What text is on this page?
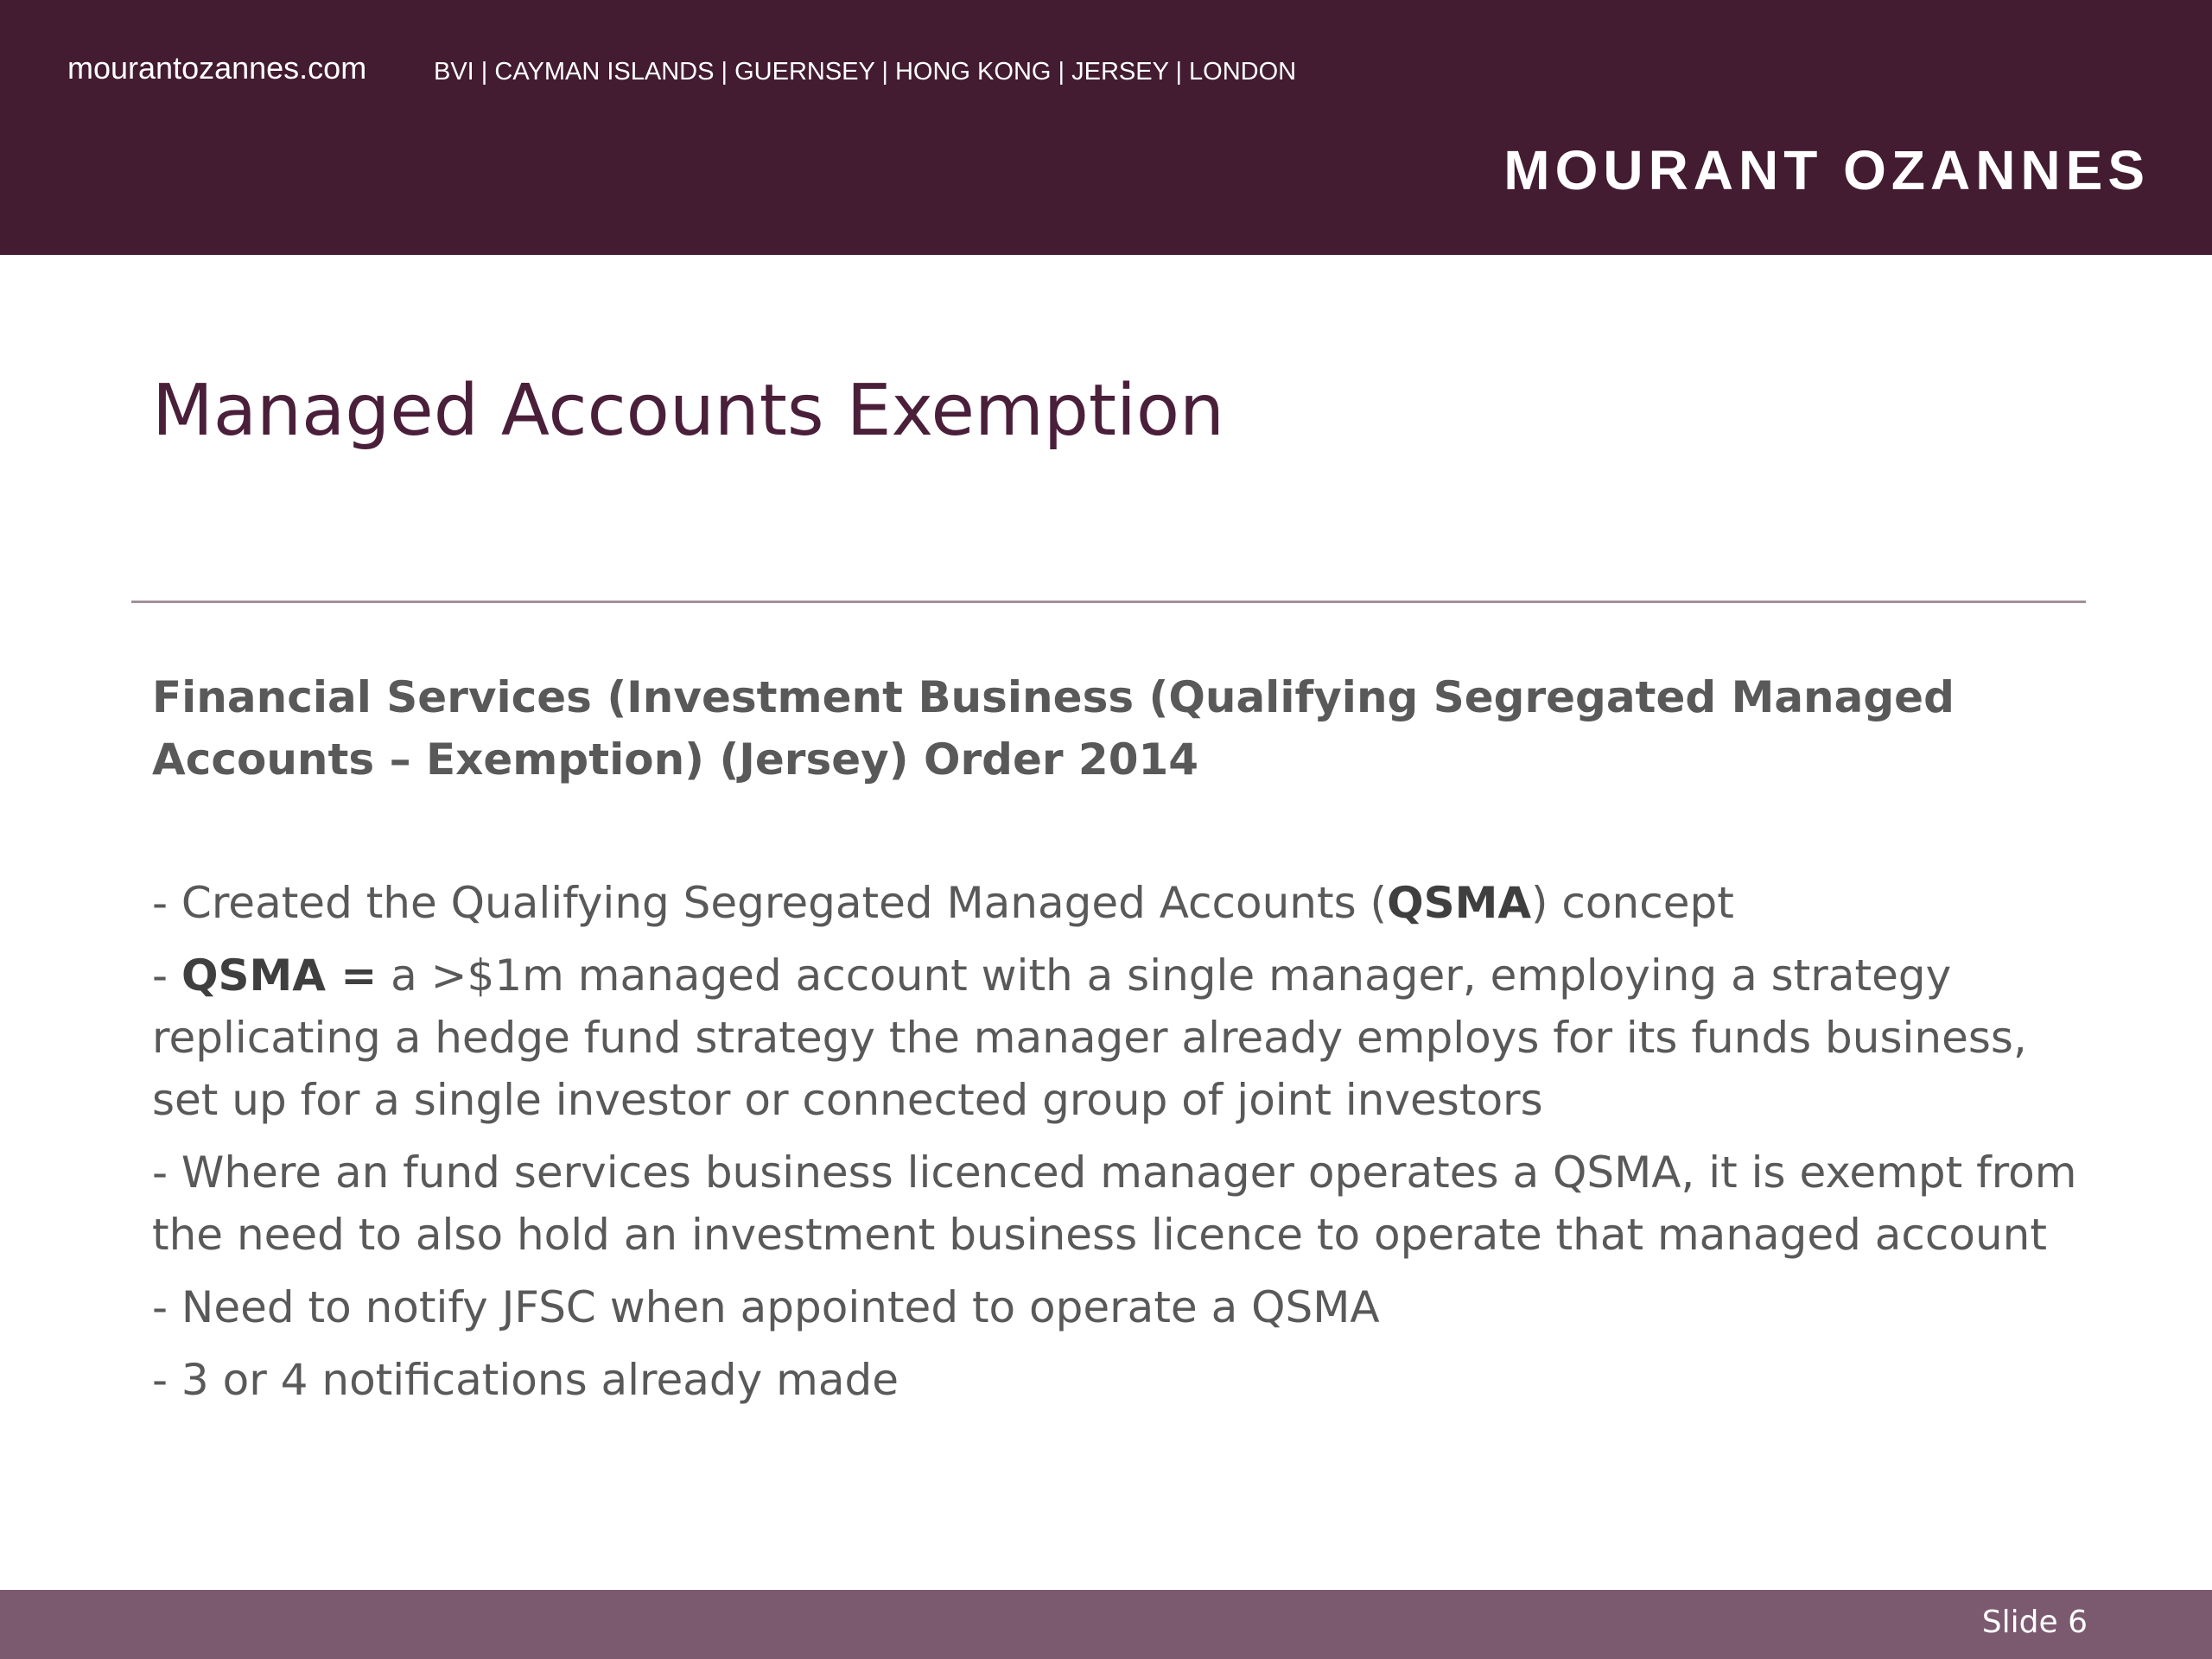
mourantozannes.com	BVI | CAYMAN ISLANDS | GUERNSEY | HONG KONG | JERSEY | LONDON
MOURANT OZANNES
Managed Accounts Exemption

Financial Services (Investment Business (Qualifying Segregated Managed Accounts – Exemption) (Jersey) Order 2014

- Created the Qualifying Segregated Managed Accounts (QSMA) concept
- QSMA = a >$1m managed account with a single manager, employing a strategy replicating a hedge fund strategy the manager already employs for its funds business, set up for a single investor or connected group of joint investors
- Where an fund services business licenced manager operates a QSMA, it is exempt from the need to also hold an investment business licence to operate that managed account
- Need to notify JFSC when appointed to operate a QSMA
- 3 or 4 notifications already made
Slide 6
